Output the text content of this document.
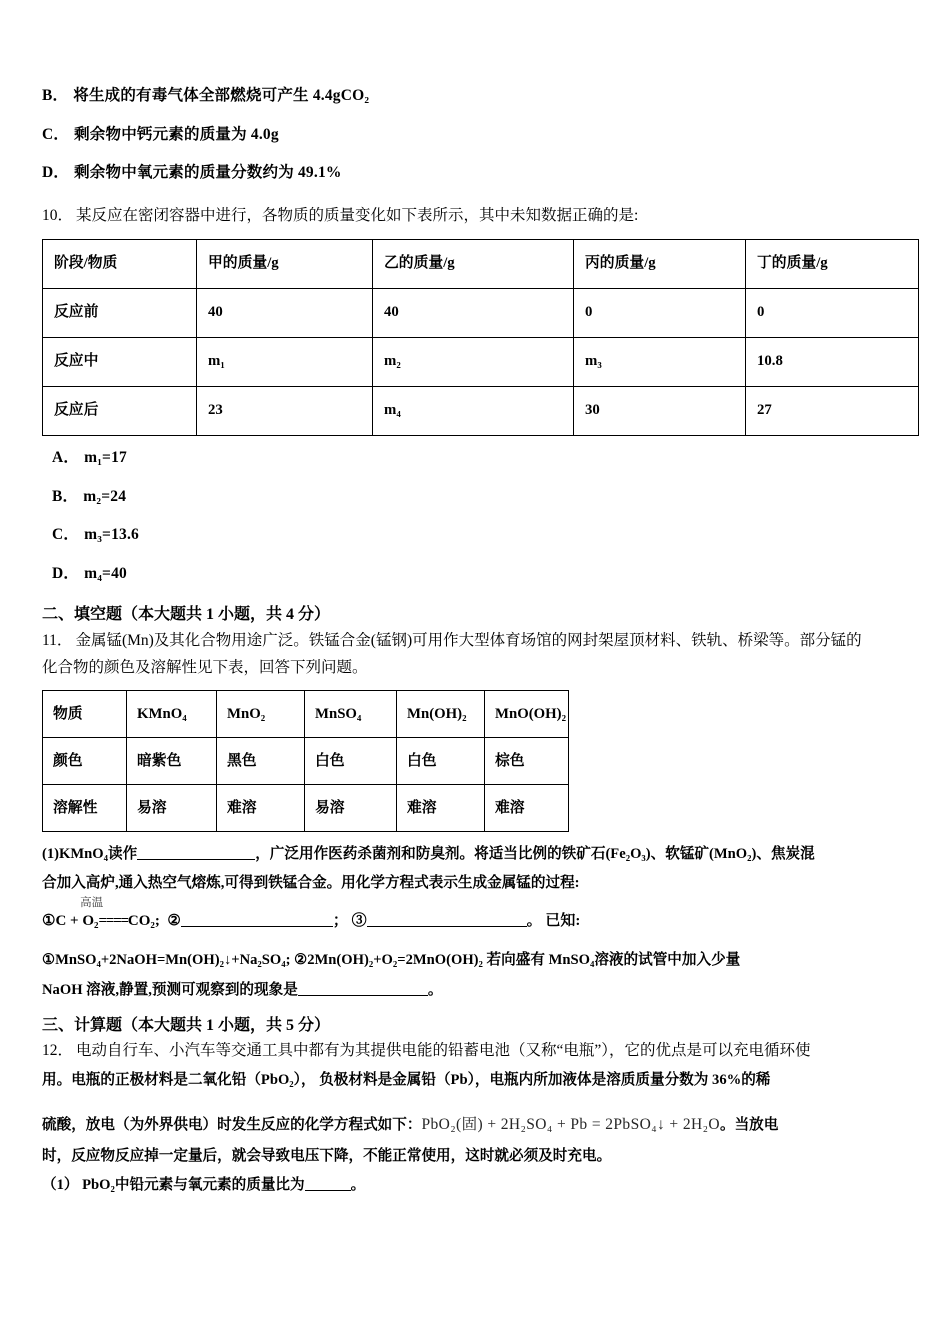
B． 将生成的有毒气体全部燃烧可产生 4.4gCO₂

C． 剩余物中钙元素的质量为 4.0g

D． 剩余物中氧元素的质量分数约为 49.1%

10． 某反应在密闭容器中进行，各物质的质量变化如下表所示，其中未知数据正确的是:

阶段/物质	甲的质量/g	乙的质量/g	丙的质量/g	丁的质量/g
反应前	40	40	0	0
反应中	m₁	m₂	m₃	10.8
反应后	23	m₄	30	27

A． m₁=17

B． m₂=24

C． m₃=13.6

D． m₄=40

二、填空题（本大题共 1 小题，共 4 分）

11． 金属锰(Mn)及其化合物用途广泛。铁锰合金(锰钢)可用作大型体育场馆的网封架屋顶材料、铁轨、桥梁等。部分锰的

化合物的颜色及溶解性见下表，回答下列问题。

物质	KMnO₄	MnO₂	MnSO₄	Mn(OH)₂	MnO(OH)₂
颜色	暗紫色	黑色	白色	白色	棕色
溶解性	易溶	难溶	易溶	难溶	难溶

(1)KMnO₄读作	，广泛用作医药杀菌剂和防臭剂。将适当比例的铁矿石(Fe₂O₃)、软锰矿(MnO₂)、焦炭混

合加入高炉,通入热空气熔炼,可得到铁锰合金。用化学方程式表示生成金属锰的过程:

①C + O₂====
高温
CO₂; ②	； ③	。 已知:

①MnSO₄+2NaOH=Mn(OH)₂↓+Na₂SO₄; ②2Mn(OH)₂+O₂=2MnO(OH)₂ 若向盛有 MnSO₄溶液的试管中加入少量

NaOH 溶液,静置,预测可观察到的现象是	。

三、计算题（本大题共 1 小题，共 5 分）

12． 电动自行车、小汽车等交通工具中都有为其提供电能的铅蓄电池（又称“电瓶”），它的优点是可以充电循环使

用。电瓶的正极材料是二氧化铅（PbO₂）， 负极材料是金属铅（Pb），电瓶内所加液体是溶质质量分数为 36%的稀

硫酸，放电（为外界供电）时发生反应的化学方程式如下：PbO₂(固) + 2H₂SO₄ + Pb = 2PbSO₄↓ + 2H₂O。当放电

时，反应物反应掉一定量后，就会导致电压下降，不能正常使用，这时就必须及时充电。

（1） PbO₂中铅元素与氧元素的质量比为	。
